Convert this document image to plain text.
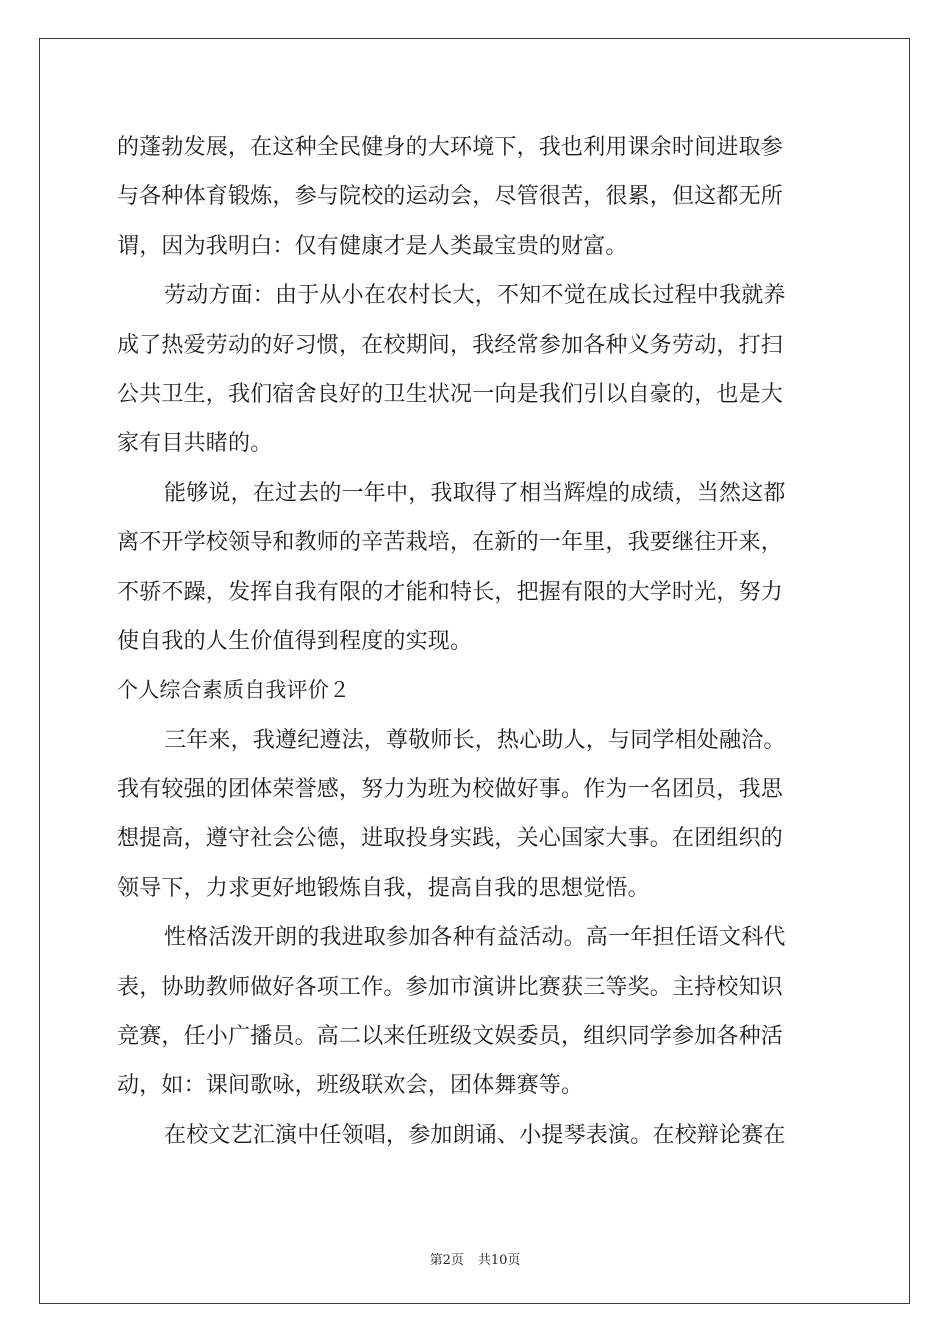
的蓬勃发展，在这种全民健身的大环境下，我也利用课余时间进取参
与各种体育锻炼，参与院校的运动会，尽管很苦，很累，但这都无所
谓，因为我明白：仅有健康才是人类最宝贵的财富。
劳动方面：由于从小在农村长大，不知不觉在成长过程中我就养
成了热爱劳动的好习惯，在校期间，我经常参加各种义务劳动，打扫
公共卫生，我们宿舍良好的卫生状况一向是我们引以自豪的，也是大
家有目共睹的。
能够说，在过去的一年中，我取得了相当辉煌的成绩，当然这都
离不开学校领导和教师的辛苦栽培，在新的一年里，我要继往开来，
不骄不躁，发挥自我有限的才能和特长，把握有限的大学时光，努力
使自我的人生价值得到程度的实现。
个人综合素质自我评价２
三年来，我遵纪遵法，尊敬师长，热心助人，与同学相处融洽。
我有较强的团体荣誉感，努力为班为校做好事。作为一名团员，我思
想提高，遵守社会公德，进取投身实践，关心国家大事。在团组织的
领导下，力求更好地锻炼自我，提高自我的思想觉悟。
性格活泼开朗的我进取参加各种有益活动。高一年担任语文科代
表，协助教师做好各项工作。参加市演讲比赛获三等奖。主持校知识
竞赛，任小广播员。高二以来任班级文娱委员，组织同学参加各种活
动，如：课间歌咏，班级联欢会，团体舞赛等。
在校文艺汇演中任领唱，参加朗诵、小提琴表演。在校辩论赛在
第2页 共10页
